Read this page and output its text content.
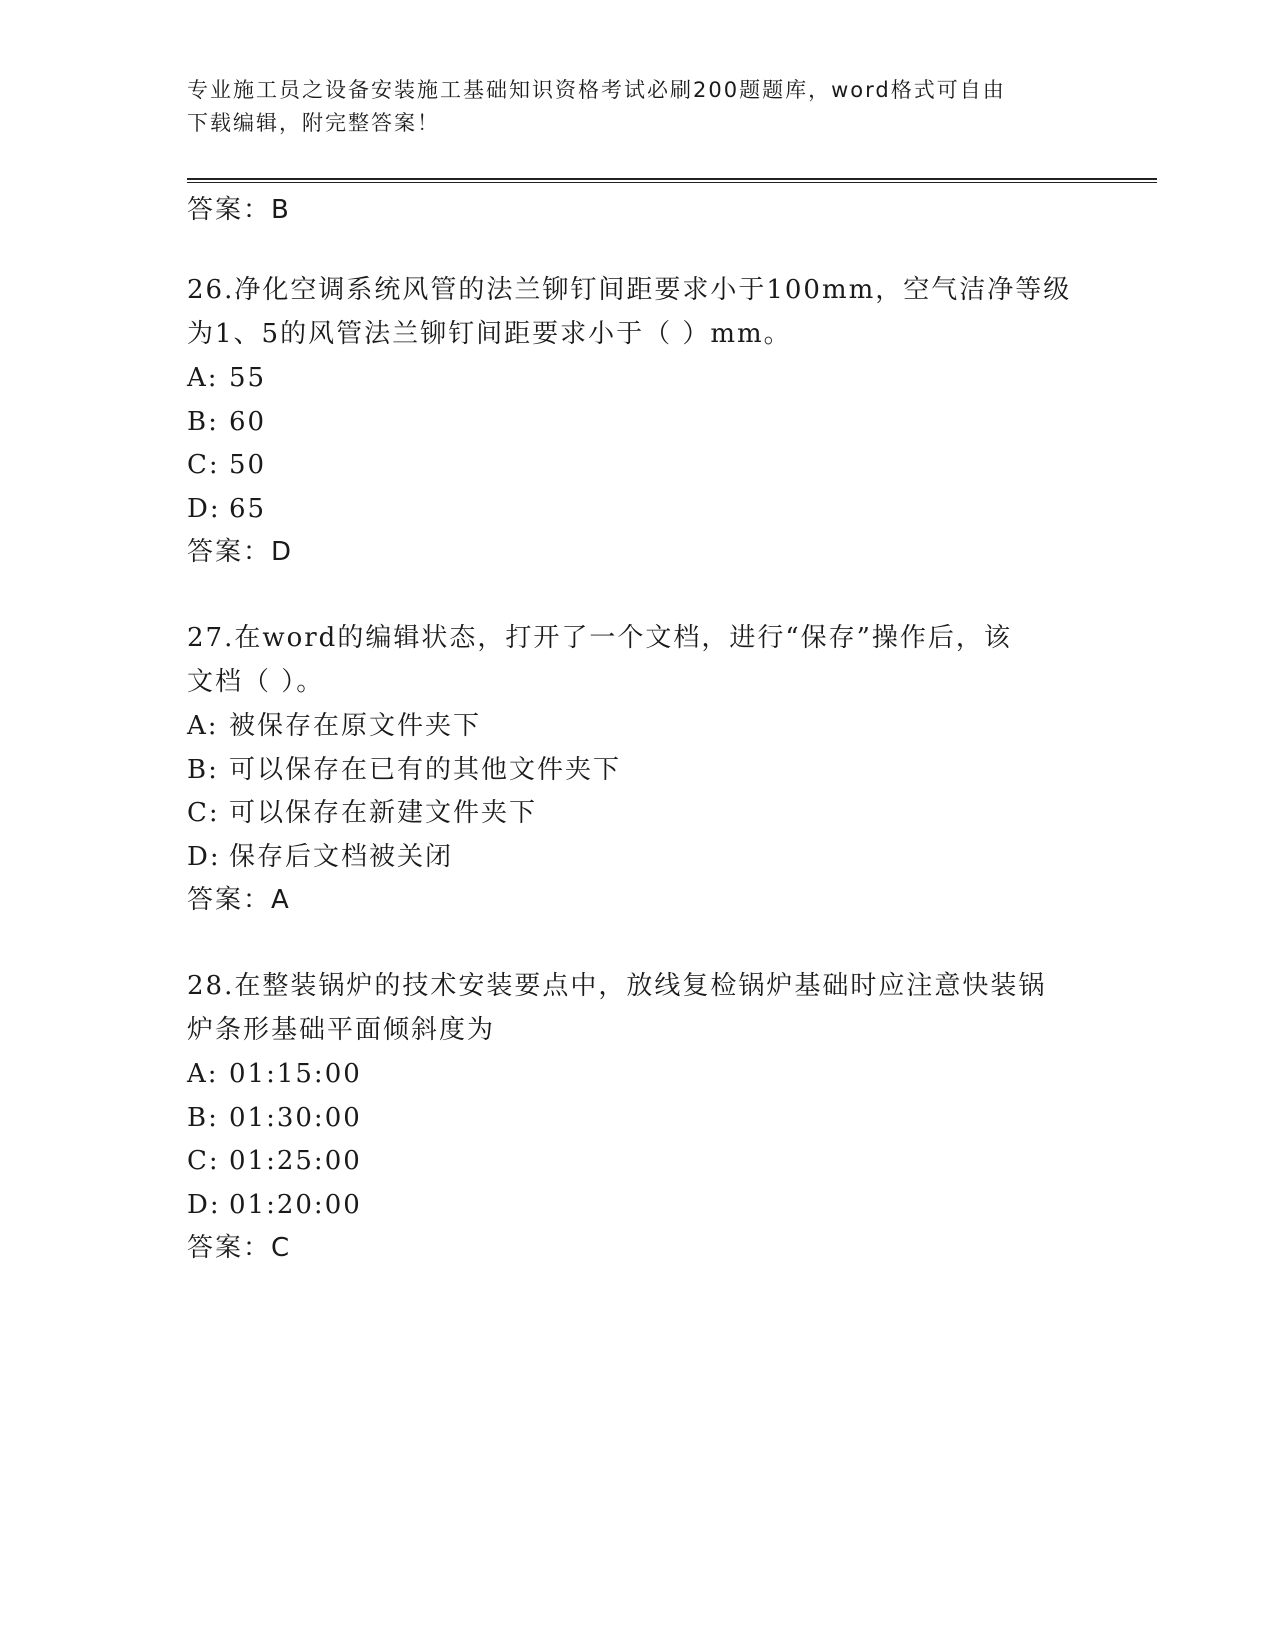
专业施工员之设备安装施工基础知识资格考试必刷200题题库，word格式可自由
下载编辑，附完整答案！
答案：B
26.净化空调系统风管的法兰铆钉间距要求小于100mm，空气洁净等级
为1、5的风管法兰铆钉间距要求小于（ ）mm。
A: 55
B: 60
C: 50
D: 65
答案：D
27.在word的编辑状态，打开了一个文档，进行“保存”操作后，该
文档（ ）。
A: 被保存在原文件夹下
B: 可以保存在已有的其他文件夹下
C: 可以保存在新建文件夹下
D: 保存后文档被关闭
答案：A
28.在整装锅炉的技术安装要点中，放线复检锅炉基础时应注意快装锅
炉条形基础平面倾斜度为
A: 01:15:00
B: 01:30:00
C: 01:25:00
D: 01:20:00
答案：C
